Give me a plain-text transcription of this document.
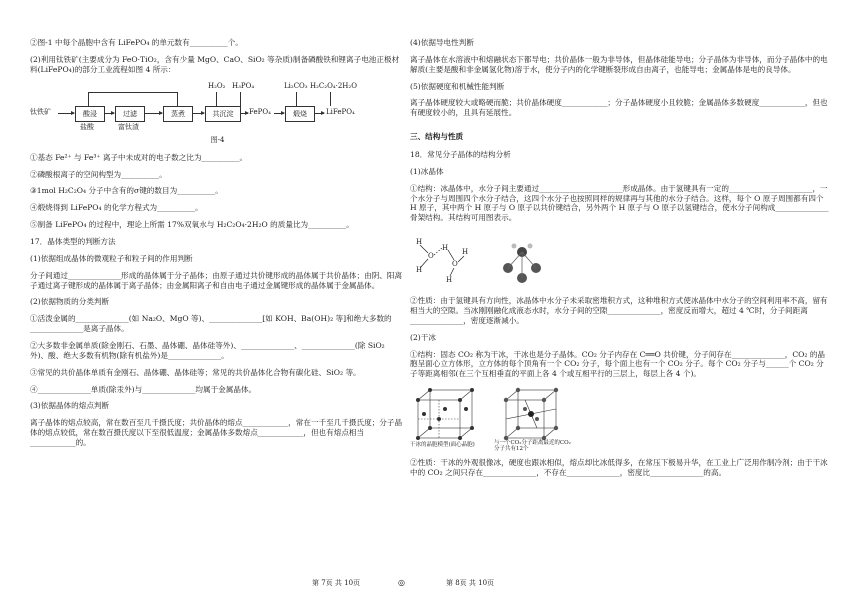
②图-1 中每个晶胞中含有 LiFePO₄ 的单元数有__________个。

(2)利用钛铁矿(主要成分为 FeO·TiO₂，含有少量 MgO、CaO、SiO₂ 等杂质)制备磷酸铁和锂离子电池正极材料(LiFePO₄)的部分工业流程如图 4 所示：

钛铁矿	酸浸	过滤	蒸煮	共沉淀	FePO₄	煅烧	LiFePO₄
H₂O₂ H₃PO₄	Li₂CO₃ H₂C₂O₄·2H₂O
盐酸	富钛渣
图-4

①基态 Fe²⁺ 与 Fe³⁺ 离子中未成对的电子数之比为__________。

②磷酸根离子的空间构型为__________。

③1mol H₂C₂O₄ 分子中含有的σ键的数目为__________。

④煅烧得到 LiFePO₄ 的化学方程式为__________。

⑤制备 LiFePO₄ 的过程中，理论上所需 17%双氧水与 H₂C₂O₄·2H₂O 的质量比为__________。

17．晶体类型的判断方法

(1)依据组成晶体的微观粒子和粒子间的作用判断

分子间通过______________形成的晶体属于分子晶体；由原子通过共价键形成的晶体属于共价晶体；由阴、阳离子通过离子键形成的晶体属于离子晶体；由金属阳离子和自由电子通过金属键形成的晶体属于金属晶体。

(2)依据物质的分类判断

①活泼金属的______________(如 Na₂O、MgO 等)、______________[如 KOH、Ba(OH)₂ 等]和绝大多数的______________是离子晶体。

②大多数非金属单质(除金刚石、石墨、晶体硼、晶体硅等外)、______________、______________(除 SiO₂ 外)、酸、绝大多数有机物(除有机盐外)是______________。

③常见的共价晶体单质有金刚石、晶体硼、晶体硅等；常见的共价晶体化合物有碳化硅、SiO₂ 等。

④______________单质(除汞外)与______________均属于金属晶体。

(3)依据晶体的熔点判断

离子晶体的熔点较高，常在数百至几千摄氏度；共价晶体的熔点____________，常在一千至几千摄氏度；分子晶体的熔点较低，常在数百摄氏度以下至很低温度；金属晶体多数熔点____________，但也有熔点相当____________的。

(4)依据导电性判断

离子晶体在水溶液中和熔融状态下都导电；共价晶体一般为非导体，但晶体硅能导电；分子晶体为非导体，而分子晶体中的电解质(主要是酸和非金属氢化物)溶于水，使分子内的化学键断裂形成自由离子，也能导电；金属晶体是电的良导体。

(5)依据硬度和机械性能判断

离子晶体硬度较大或略硬而脆；共价晶体硬度____________；分子晶体硬度小且较脆；金属晶体多数硬度____________，但也有硬度较小的，且具有延展性。

三、结构与性质

18．常见分子晶体的结构分析

(1)冰晶体

①结构：冰晶体中，水分子间主要通过______________________形成晶体。由于氢键具有一定的______________________，一个水分子与周围四个水分子结合，这四个水分子也按照同样的规律再与其他的水分子结合。这样，每个 O 原子周围都有四个 H 原子，其中两个 H 原子与 O 原子以共价键结合，另外两个 H 原子与 O 原子以氢键结合，使水分子间构成______________骨架结构。其结构可用图表示。

H
O
H
H
O
H
H

②性质：由于氢键具有方向性，冰晶体中水分子未采取密堆积方式，这种堆积方式使冰晶体中水分子的空间利用率不高，留有相当大的空隙。当冰刚刚融化成液态水时，水分子间的空隙______________，密度反而增大，超过 4 ℃时，分子间距离______________，密度逐渐减小。

(2)干冰

①结构：固态 CO₂ 称为干冰，干冰也是分子晶体。CO₂ 分子内存在 C══O 共价键，分子间存在______________，CO₂ 的晶胞呈面心立方体形，立方体的每个顶角有一个 CO₂ 分子，每个面上也有一个 CO₂ 分子。每个 CO₂ 分子与______个 CO₂ 分子等距离相邻(在三个互相垂直的平面上各 4 个或互相平行的三层上，每层上各 4 个)。

干冰的晶胞模型(面心晶胞)	与一个CO₂分子距离最近的CO₂分子共有12个

②性质：干冰的外观很像冰，硬度也跟冰相似，熔点却比冰低得多，在常压下极易升华，在工业上广泛用作制冷剂；由于干冰中的 CO₂ 之间只存在______________，不存在______________，密度比______________的高。

第 7页 共 10页	◎	第 8页 共 10页
